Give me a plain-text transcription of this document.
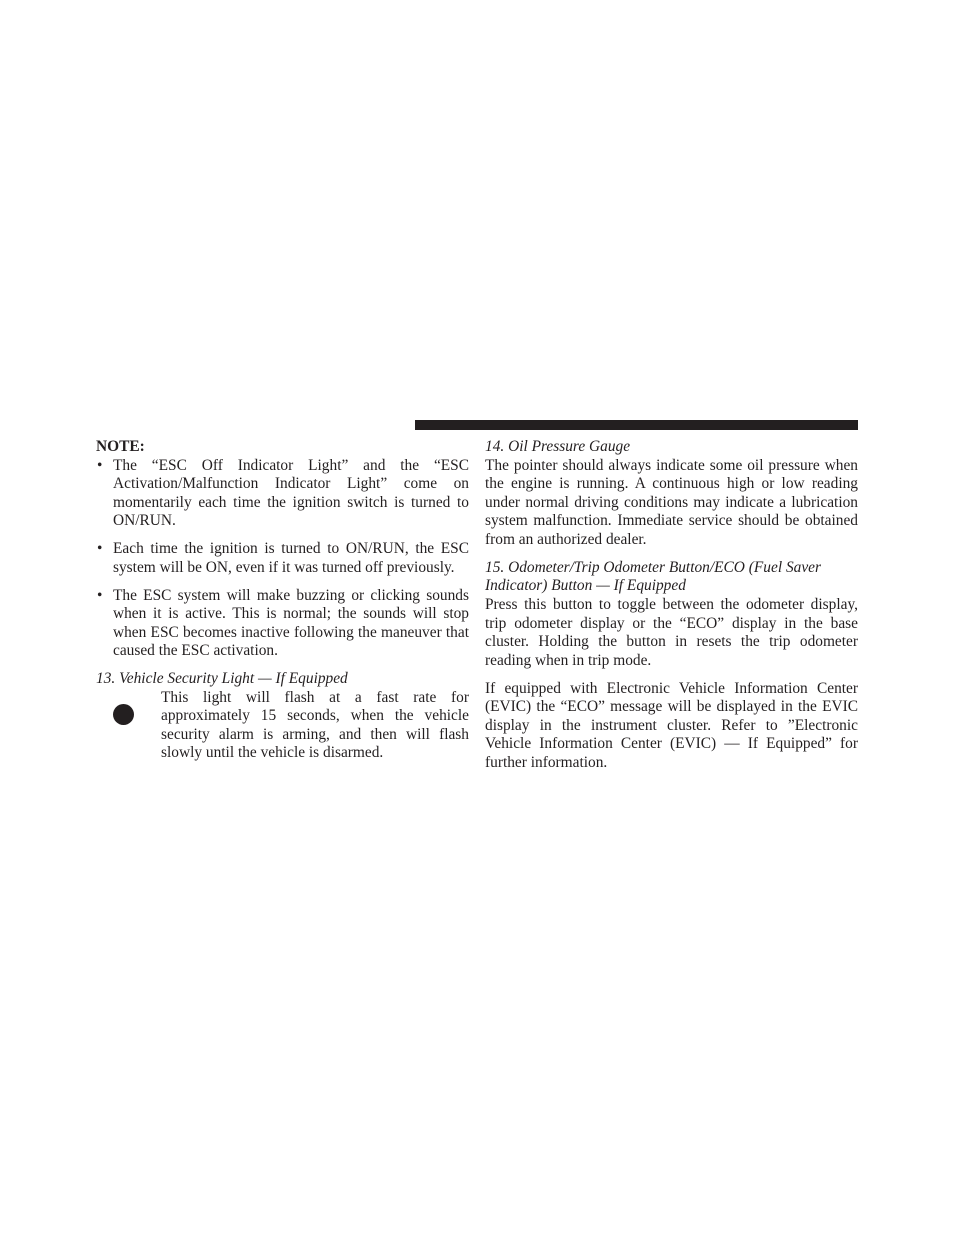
NOTE:

• The “ESC Off Indicator Light” and the “ESC Activation/Malfunction Indicator Light” come on momentarily each time the ignition switch is turned to ON/RUN.
• Each time the ignition is turned to ON/RUN, the ESC system will be ON, even if it was turned off previously.
• The ESC system will make buzzing or clicking sounds when it is active. This is normal; the sounds will stop when ESC becomes inactive following the maneuver that caused the ESC activation.

13. Vehicle Security Light — If Equipped

This light will flash at a fast rate for approximately 15 seconds, when the vehicle security alarm is arming, and then will flash slowly until the vehicle is disarmed.

14. Oil Pressure Gauge

The pointer should always indicate some oil pressure when the engine is running. A continuous high or low reading under normal driving conditions may indicate a lubrication system malfunction. Immediate service should be obtained from an authorized dealer.

15. Odometer/Trip Odometer Button/ECO (Fuel Saver Indicator) Button — If Equipped

Press this button to toggle between the odometer display, trip odometer display or the “ECO” display in the base cluster. Holding the button in resets the trip odometer reading when in trip mode.

If equipped with Electronic Vehicle Information Center (EVIC) the “ECO” message will be displayed in the EVIC display in the instrument cluster. Refer to ”Electronic Vehicle Information Center (EVIC) — If Equipped” for further information.
